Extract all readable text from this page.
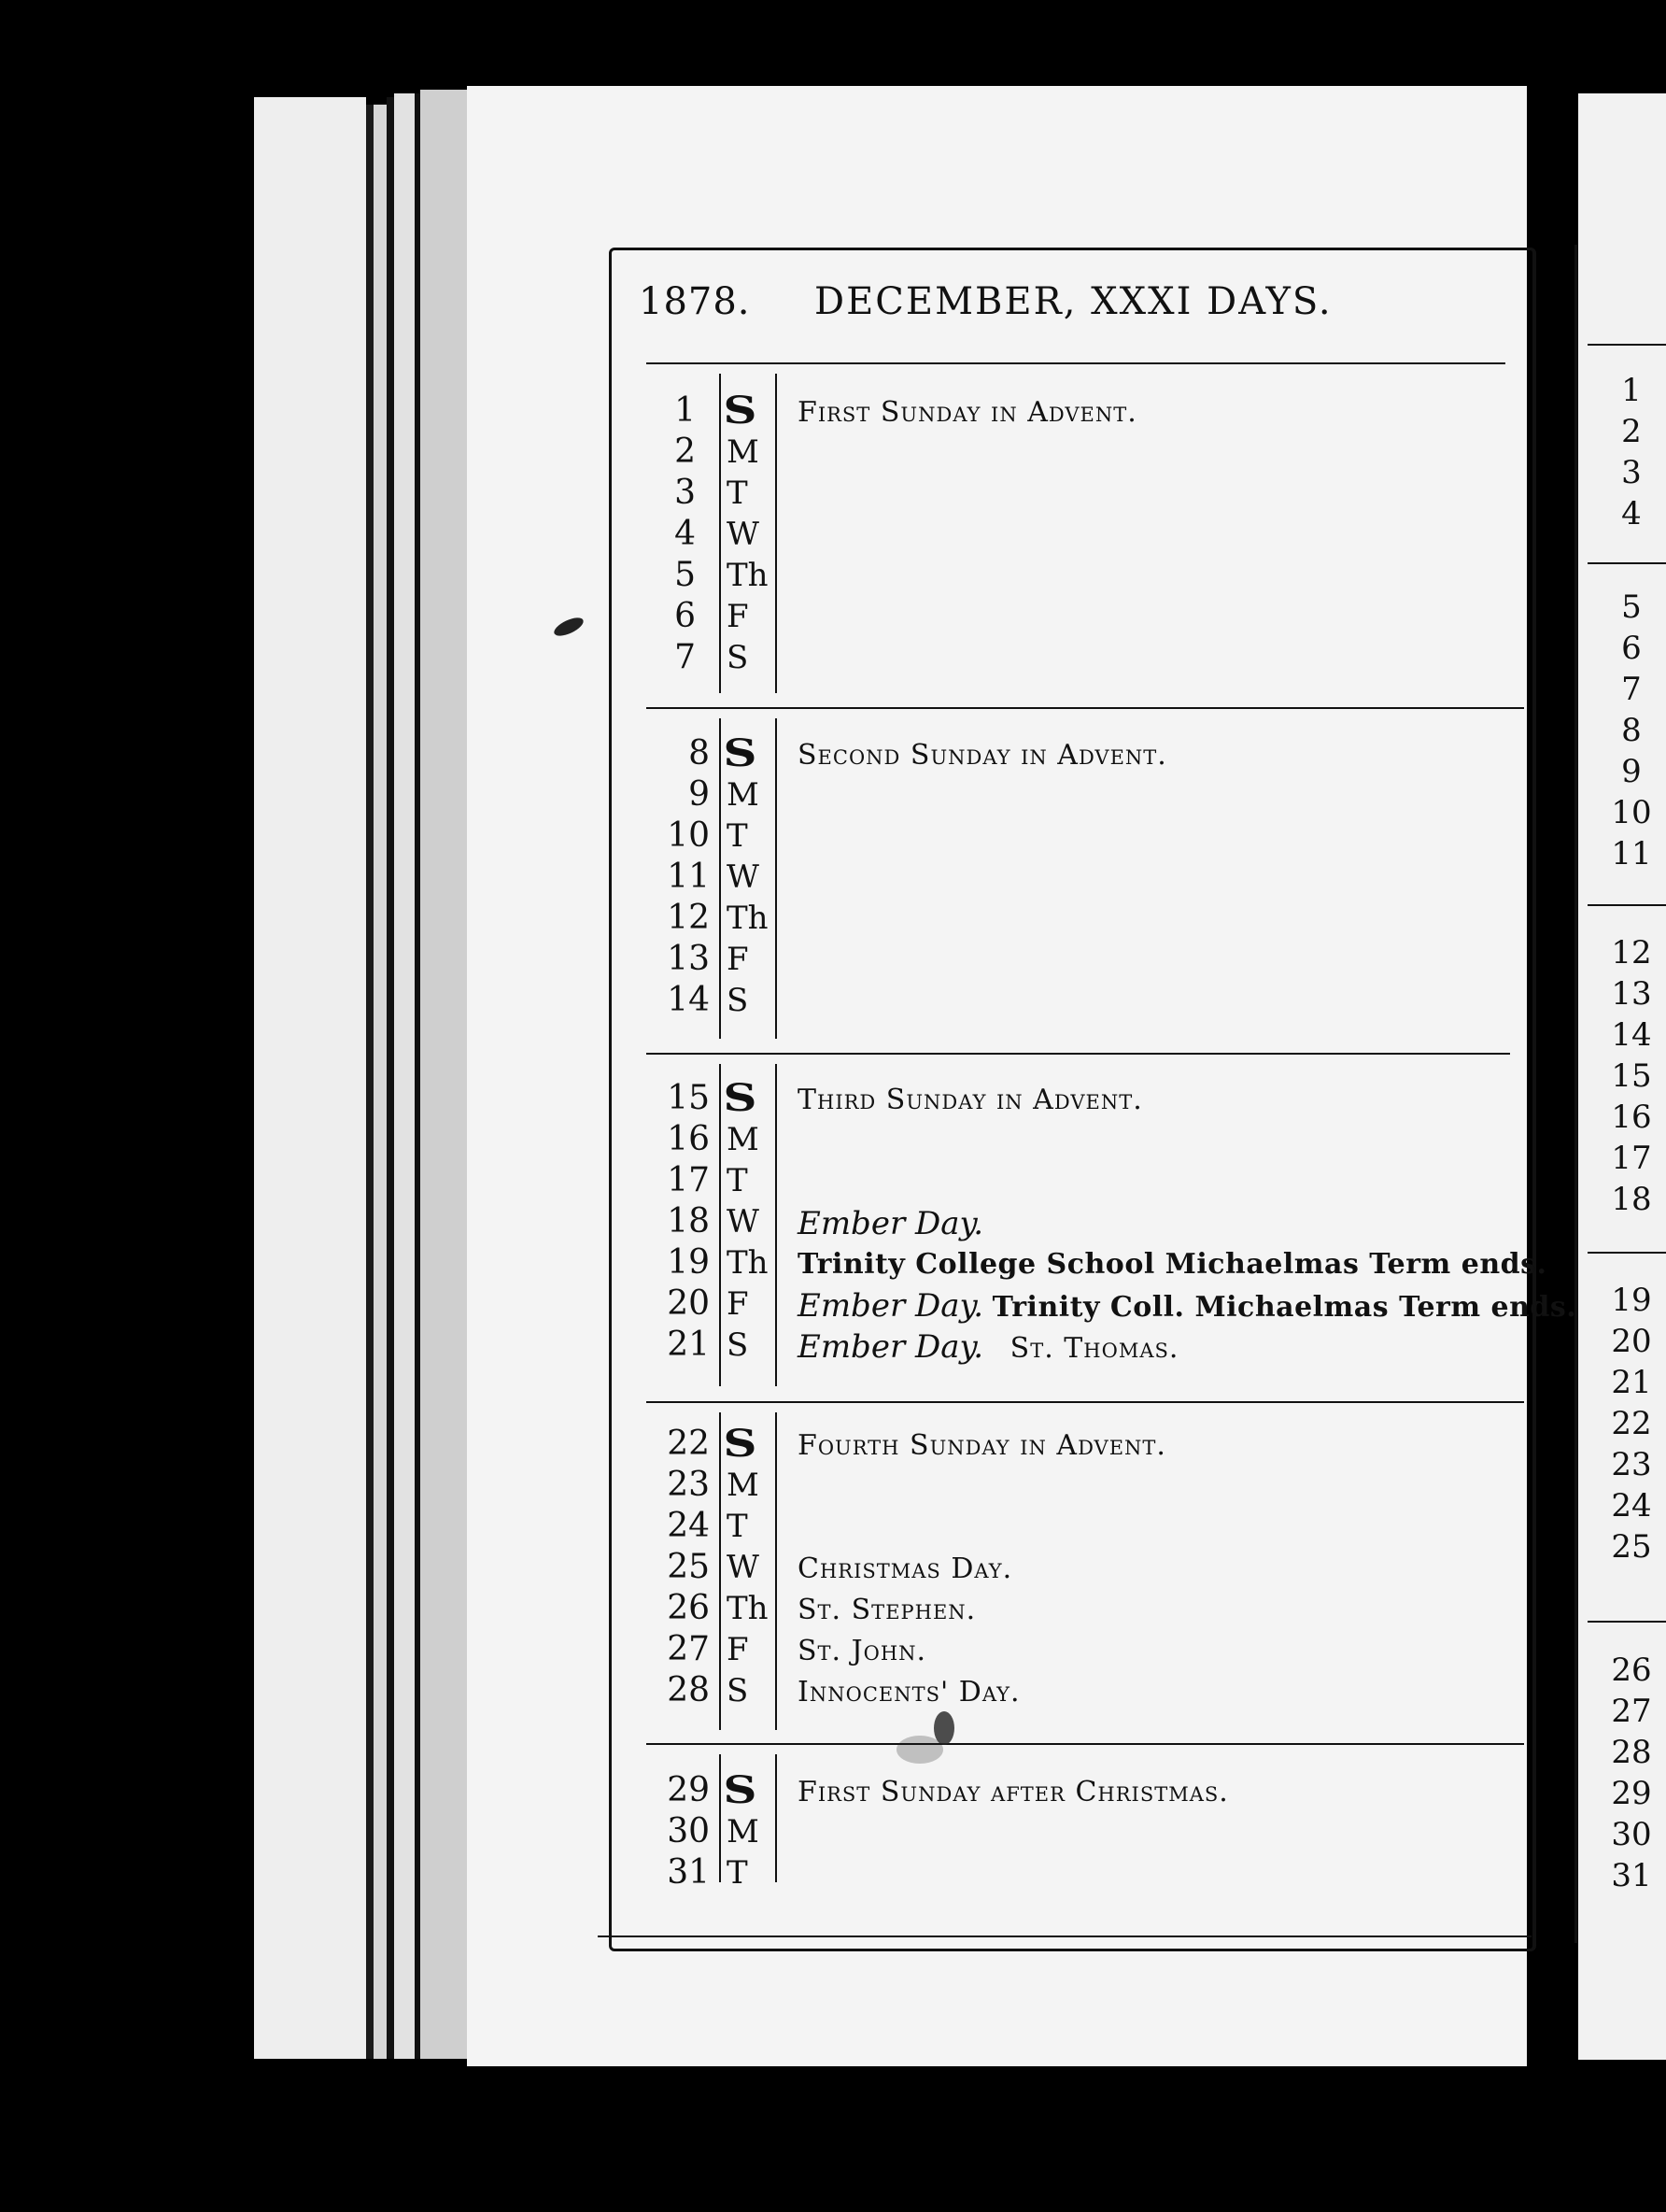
1
2
3
4
5
6
7
8
9
10
11
12
13
14
15
16
17
18
19
20
21
22
23
24
25
26
27
28
29
30
31
1878. DECEMBER, XXXI DAYS.
1 S First Sunday in Advent.
2 M
3 T
4 W
5 Th
6 F
7 S
8 S Second Sunday in Advent.
9 M
10 T
11 W
12 Th
13 F
14 S
15 S Third Sunday in Advent.
16 M
17 T
18 W Ember Day.
19 Th Trinity College School Michaelmas Term ends.
20 F Ember Day. Trinity Coll. Michaelmas Term ends.
21 S Ember Day. St. Thomas.
22 S Fourth Sunday in Advent.
23 M
24 T
25 W Christmas Day.
26 Th St. Stephen.
27 F St. John.
28 S Innocents' Day.
29 S First Sunday after Christmas.
30 M
31 T
